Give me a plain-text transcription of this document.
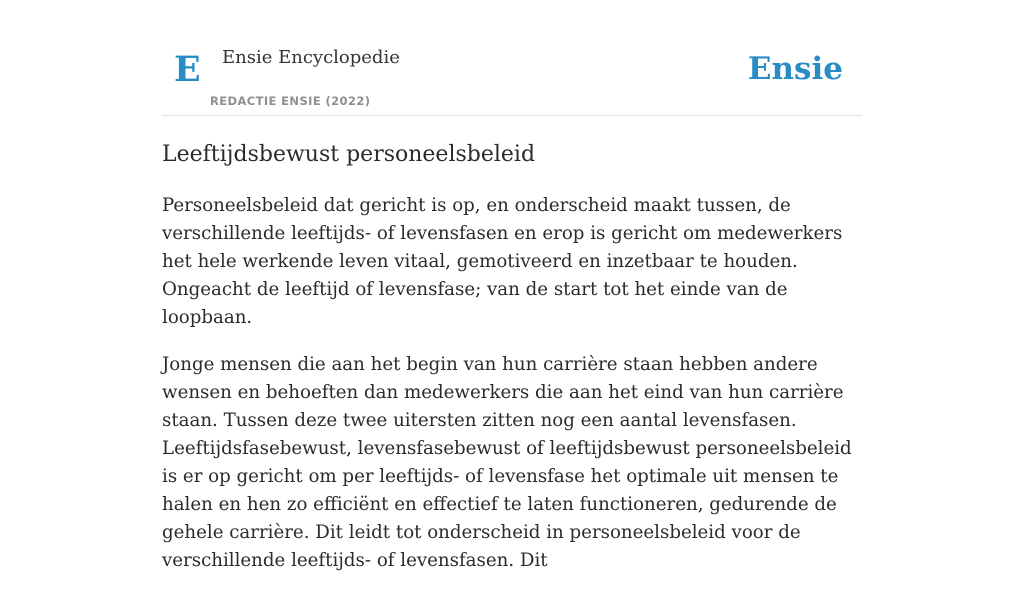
E Ensie Encyclopedie
REDACTIE ENSIE (2022)
Ensie
Leeftijdsbewust personeelsbeleid

Personeelsbeleid dat gericht is op, en onderscheid maakt tussen, de verschillende leeftijds- of levensfasen en erop is gericht om medewerkers het hele werkende leven vitaal, gemotiveerd en inzetbaar te houden. Ongeacht de leeftijd of levensfase; van de start tot het einde van de loopbaan.

Jonge mensen die aan het begin van hun carrière staan hebben andere wensen en behoeften dan medewerkers die aan het eind van hun carrière staan. Tussen deze twee uitersten zitten nog een aantal levensfasen. Leeftijdsfasebewust, levensfasebewust of leeftijdsbewust personeelsbeleid is er op gericht om per leeftijds- of levensfase het optimale uit mensen te halen en hen zo efficiënt en effectief te laten functioneren, gedurende de gehele carrière. Dit leidt tot onderscheid in personeelsbeleid voor de verschillende leeftijds- of levensfasen. Dit
